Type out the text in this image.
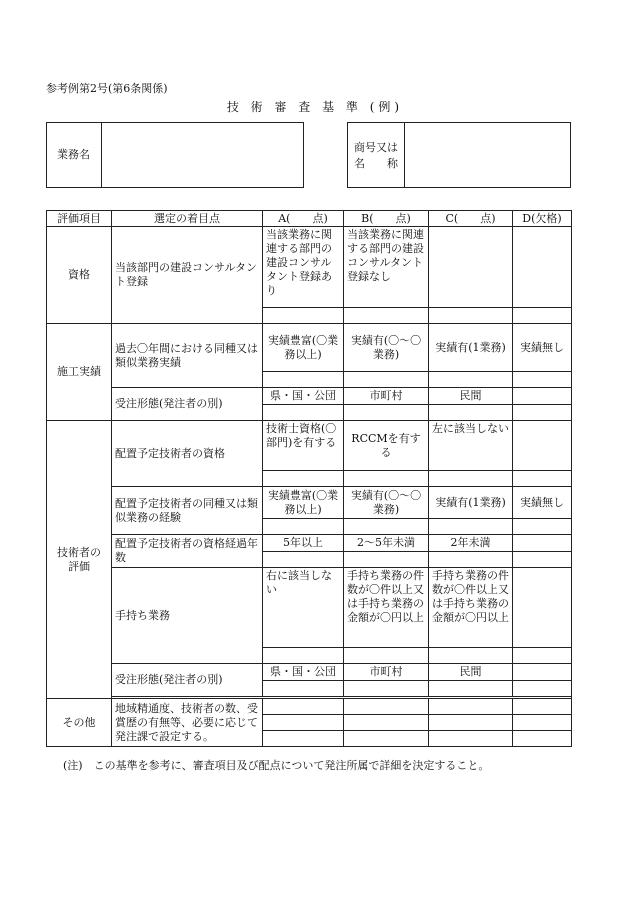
参考例第2号(第6条関係)
技 術 審 査 基 準 (例)
業務名
商号又は
名　　称
評価項目	選定の着目点	A(　　点)	B(　　点)	C(　　点)	D(欠格)
資格	当該部門の建設コンサルタント登録	当該業務に関連する部門の建設コンサルタント登録あり	当該業務に関連する部門の建設コンサルタント登録なし		

施工実績	過去〇年間における同種又は類似業務実績	実績豊富(〇業務以上)	実績有(〇～〇業務)	実績有(1業務)	実績無し

	受注形態(発注者の別)	県・国・公団	市町村	民間	

技術者の
評価	配置予定技術者の資格	技術士資格(〇部門)を有する	RCCMを有する	左に該当しない	

	配置予定技術者の同種又は類似業務の経験	実績豊富(〇業務以上)	実績有(〇～〇業務)	実績有(1業務)	実績無し

	配置予定技術者の資格経過年数	5年以上	2～5年未満	2年未満	

	手持ち業務	右に該当しない	手持ち業務の件数が〇件以上又は手持ち業務の金額が〇円以上	手持ち業務の件数が〇件以上又は手持ち業務の金額が〇円以上	

	受注形態(発注者の別)	県・国・公団	市町村	民間	

その他	地域精通度、技術者の数、受賞歴の有無等、必要に応じて発注課で設定する。				

(注)　この基準を参考に、審査項目及び配点について発注所属で詳細を決定すること。
